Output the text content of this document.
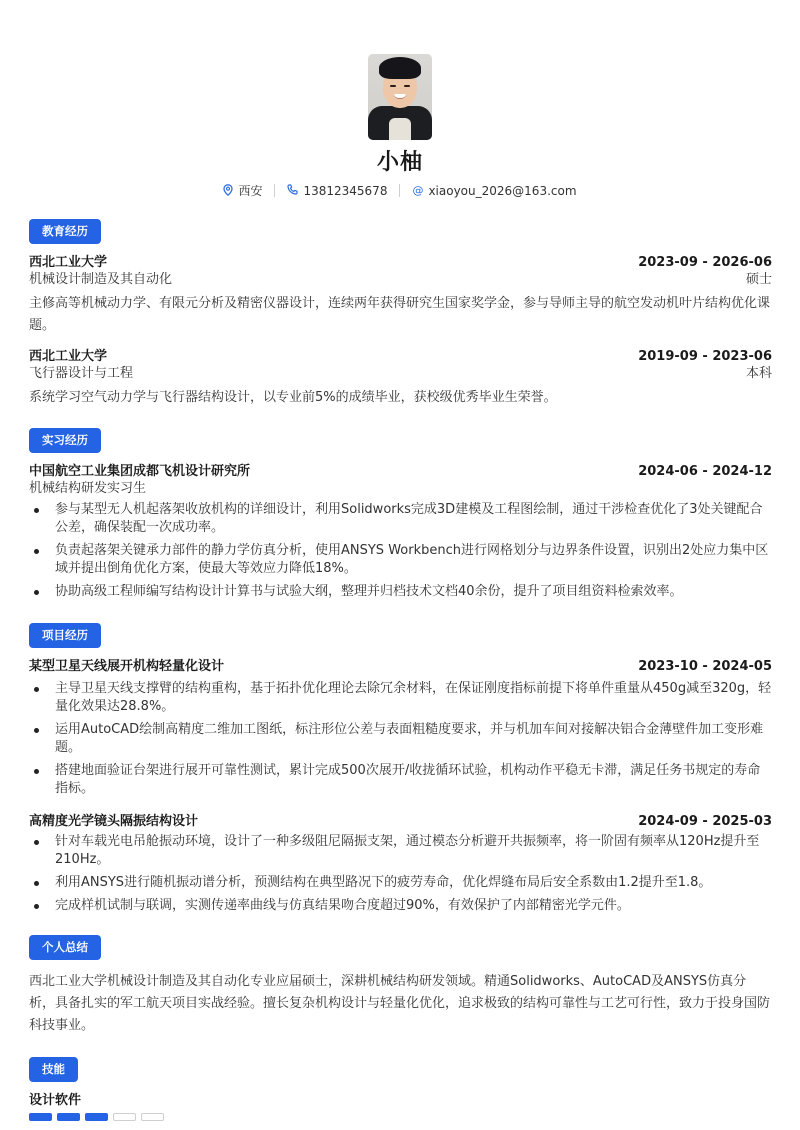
小柚
西安	13812345678 @ xiaoyou_2026@163.com
教育经历
西北工业大学	2023-09 - 2026-06
机械设计制造及其自动化	硕士
主修高等机械动力学、有限元分析及精密仪器设计，连续两年获得研究生国家奖学金，参与导师主导的航空发动机叶片结构优化课题。
西北工业大学	2019-09 - 2023-06
飞行器设计与工程	本科
系统学习空气动力学与飞行器结构设计，以专业前5%的成绩毕业，获校级优秀毕业生荣誉。
实习经历
中国航空工业集团成都飞机设计研究所	2024-06 - 2024-12
机械结构研发实习生
参与某型无人机起落架收放机构的详细设计，利用Solidworks完成3D建模及工程图绘制，通过干涉检查优化了3处关键配合公差，确保装配一次成功率。
负责起落架关键承力部件的静力学仿真分析，使用ANSYS Workbench进行网格划分与边界条件设置，识别出2处应力集中区域并提出倒角优化方案，使最大等效应力降低18%。
协助高级工程师编写结构设计计算书与试验大纲，整理并归档技术文档40余份，提升了项目组资料检索效率。
项目经历
某型卫星天线展开机构轻量化设计	2023-10 - 2024-05
主导卫星天线支撑臂的结构重构，基于拓扑优化理论去除冗余材料，在保证刚度指标前提下将单件重量从450g减至320g，轻量化效果达28.8%。
运用AutoCAD绘制高精度二维加工图纸，标注形位公差与表面粗糙度要求，并与机加车间对接解决铝合金薄壁件加工变形难题。
搭建地面验证台架进行展开可靠性测试，累计完成500次展开/收拢循环试验，机构动作平稳无卡滞，满足任务书规定的寿命指标。
高精度光学镜头隔振结构设计	2024-09 - 2025-03
针对车载光电吊舱振动环境，设计了一种多级阻尼隔振支架，通过模态分析避开共振频率，将一阶固有频率从120Hz提升至210Hz。
利用ANSYS进行随机振动谱分析，预测结构在典型路况下的疲劳寿命，优化焊缝布局后安全系数由1.2提升至1.8。
完成样机试制与联调，实测传递率曲线与仿真结果吻合度超过90%，有效保护了内部精密光学元件。
个人总结
西北工业大学机械设计制造及其自动化专业应届硕士，深耕机械结构研发领域。精通Solidworks、AutoCAD及ANSYS仿真分析，具备扎实的军工航天项目实战经验。擅长复杂机构设计与轻量化优化，追求极致的结构可靠性与工艺可行性，致力于投身国防科技事业。
技能
设计软件
